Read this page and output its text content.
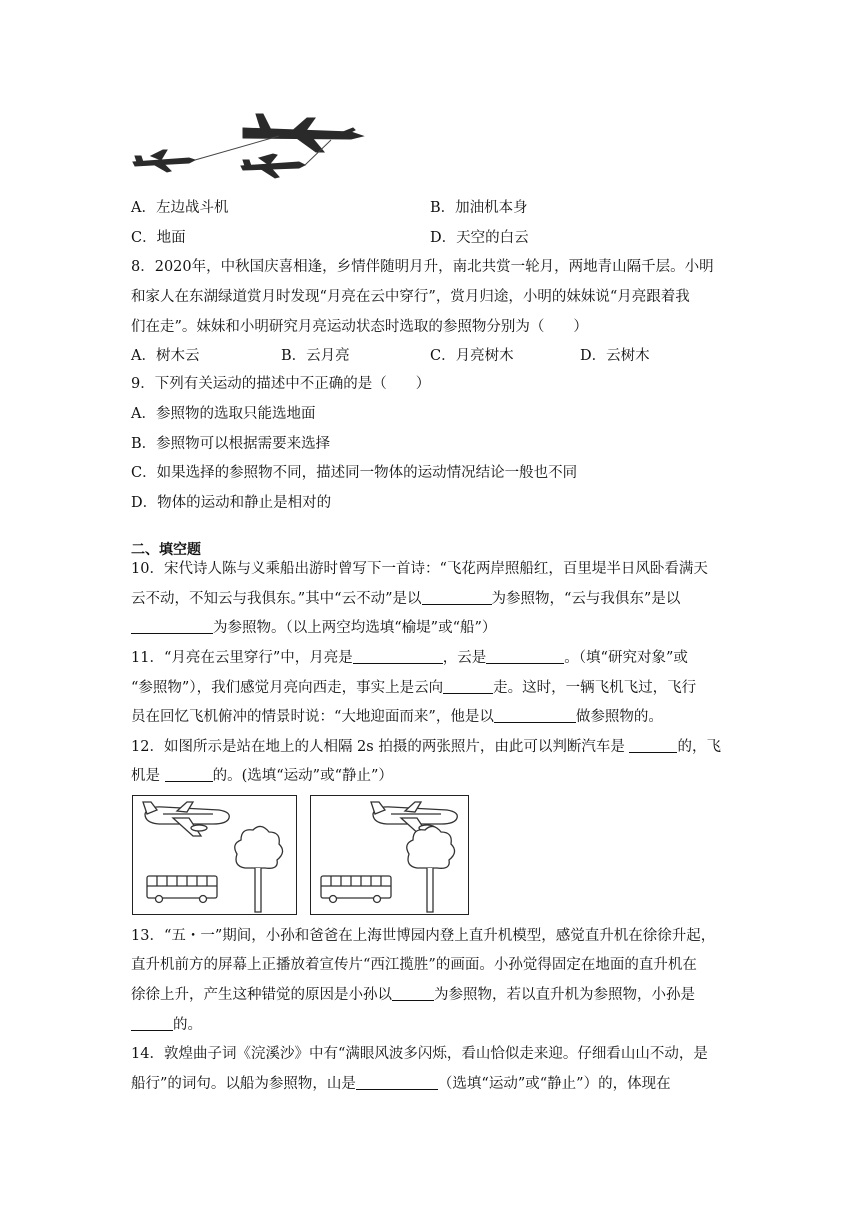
A．左边战斗机	B．加油机本身
C．地面	D．天空的白云
8．2020年，中秋国庆喜相逢，乡情伴随明月升，南北共赏一轮月，两地青山隔千层。小明
和家人在东湖绿道赏月时发现“月亮在云中穿行”，赏月归途，小明的妹妹说“月亮跟着我
们在走”。妹妹和小明研究月亮运动状态时选取的参照物分别为（　　）
A．树木云	B．云月亮	C．月亮树木	D．云树木
9．下列有关运动的描述中不正确的是（　　）
A．参照物的选取只能选地面
B．参照物可以根据需要来选择
C．如果选择的参照物不同，描述同一物体的运动情况结论一般也不同
D．物体的运动和静止是相对的
二、填空题
10．宋代诗人陈与义乘船出游时曾写下一首诗：“飞花两岸照船红，百里堤半日风卧看满天
云不动，不知云与我俱东。”其中“云不动”是以	为参照物，“云与我俱东”是以
为参照物。（以上两空均选填“榆堤”或“船”）
11．“月亮在云里穿行”中，月亮是	，云是	。（填“研究对象”或
“参照物”），我们感觉月亮向西走，事实上是云向	走。这时，一辆飞机飞过，飞行
员在回忆飞机俯冲的情景时说：“大地迎面而来”，他是以	做参照物的。
12．如图所示是站在地上的人相隔 2s 拍摄的两张照片，由此可以判断汽车是	的，飞
机是	的。(选填“运动”或“静止”）
13．“五・一”期间，小孙和爸爸在上海世博园内登上直升机模型，感觉直升机在徐徐升起，
直升机前方的屏幕上正播放着宣传片“西江揽胜”的画面。小孙觉得固定在地面的直升机在
徐徐上升，产生这种错觉的原因是小孙以	为参照物，若以直升机为参照物，小孙是
的。
14．敦煌曲子词《浣溪沙》中有“满眼风波多闪烁，看山恰似走来迎。仔细看山山不动，是
船行”的词句。以船为参照物，山是	（选填“运动”或“静止”）的，体现在
